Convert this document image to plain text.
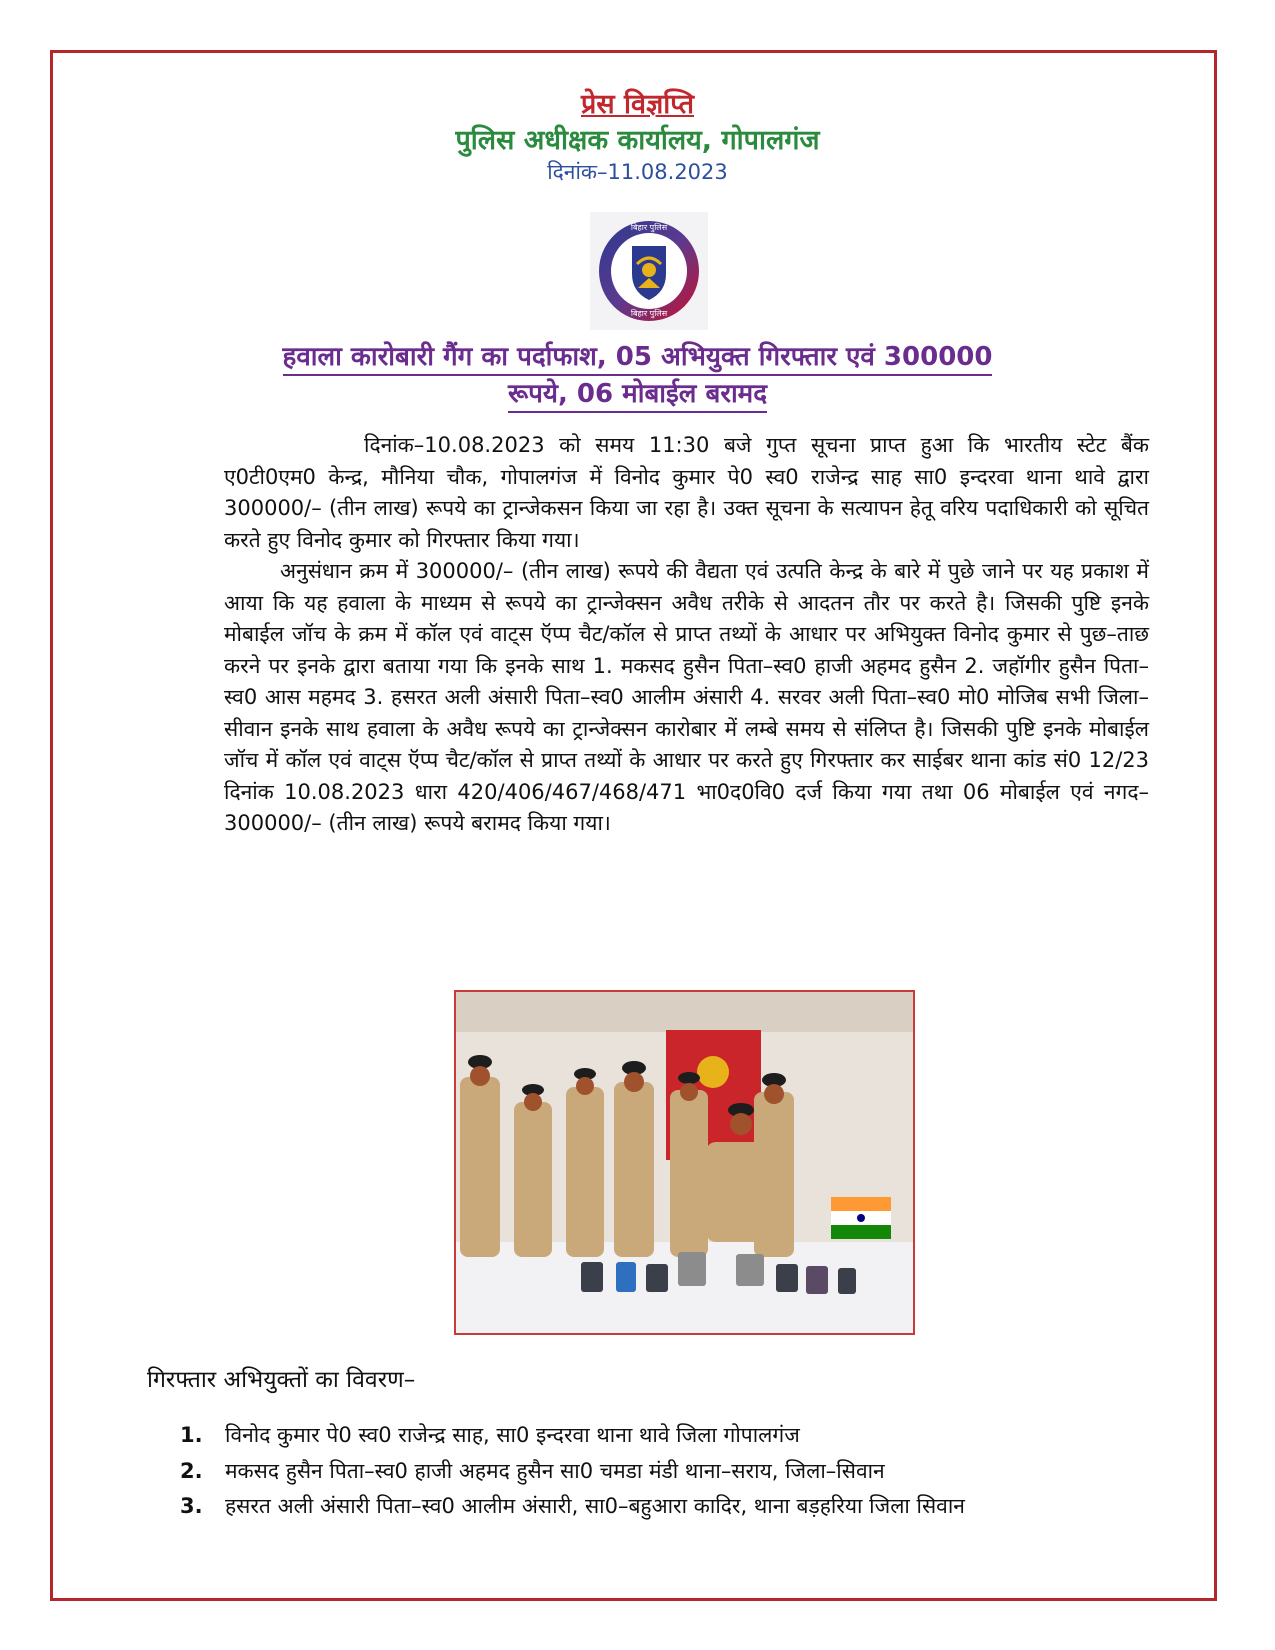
प्रेस विज्ञप्ति
पुलिस अधीक्षक कार्यालय, गोपालगंज
दिनांक–11.08.2023
बिहार पुलिस
बिहार पुलिस
हवाला कारोबारी गैंग का पर्दाफाश, 05 अभियुक्त गिरफ्तार एवं 300000
रूपये, 06 मोबाईल बरामद

दिनांक–10.08.2023 को समय 11:30 बजे गुप्त सूचना प्राप्त हुआ कि भारतीय स्टेट बैंक ए0टी0एम0 केन्द्र, मौनिया चौक, गोपालगंज में विनोद कुमार पे0 स्व0 राजेन्द्र साह सा0 इन्दरवा थाना थावे द्वारा 300000/– (तीन लाख) रूपये का ट्रान्जेकसन किया जा रहा है। उक्त सूचना के सत्यापन हेतू वरिय पदाधिकारी को सूचित करते हुए विनोद कुमार को गिरफ्तार किया गया।

अनुसंधान क्रम में 300000/– (तीन लाख) रूपये की वैद्यता एवं उत्पति केन्द्र के बारे में पुछे जाने पर यह प्रकाश में आया कि यह हवाला के माध्यम से रूपये का ट्रान्जेक्सन अवैध तरीके से आदतन तौर पर करते है। जिसकी पुष्टि इनके मोबाईल जॉच के क्रम में कॉल एवं वाट्स ऍप्प चैट/कॉल से प्राप्त तथ्यों के आधार पर अभियुक्त विनोद कुमार से पुछ–ताछ करने पर इनके द्वारा बताया गया कि इनके साथ 1. मकसद हुसैन पिता–स्व0 हाजी अहमद हुसैन 2. जहॉगीर हुसैन पिता–स्व0 आस महमद 3. हसरत अली अंसारी पिता–स्व0 आलीम अंसारी 4. सरवर अली पिता–स्व0 मो0 मोजिब सभी जिला–सीवान इनके साथ हवाला के अवैध रूपये का ट्रान्जेक्सन कारोबार में लम्बे समय से संलिप्त है। जिसकी पुष्टि इनके मोबाईल जॉच में कॉल एवं वाट्स ऍप्प चैट/कॉल से प्राप्त तथ्यों के आधार पर करते हुए गिरफ्तार कर साईबर थाना कांड सं0 12/23 दिनांक 10.08.2023 धारा 420/406/467/468/471 भा0द0वि0 दर्ज किया गया तथा 06 मोबाईल एवं नगद–300000/– (तीन लाख) रूपये बरामद किया गया।

गिरफ्तार अभियुक्तों का विवरण–
1. विनोद कुमार पे0 स्व0 राजेन्द्र साह, सा0 इन्दरवा थाना थावे जिला गोपालगंज
2. मकसद हुसैन पिता–स्व0 हाजी अहमद हुसैन सा0 चमडा मंडी थाना–सराय, जिला–सिवान
3. हसरत अली अंसारी पिता–स्व0 आलीम अंसारी, सा0–बहुआरा कादिर, थाना बड़हरिया जिला सिवान
